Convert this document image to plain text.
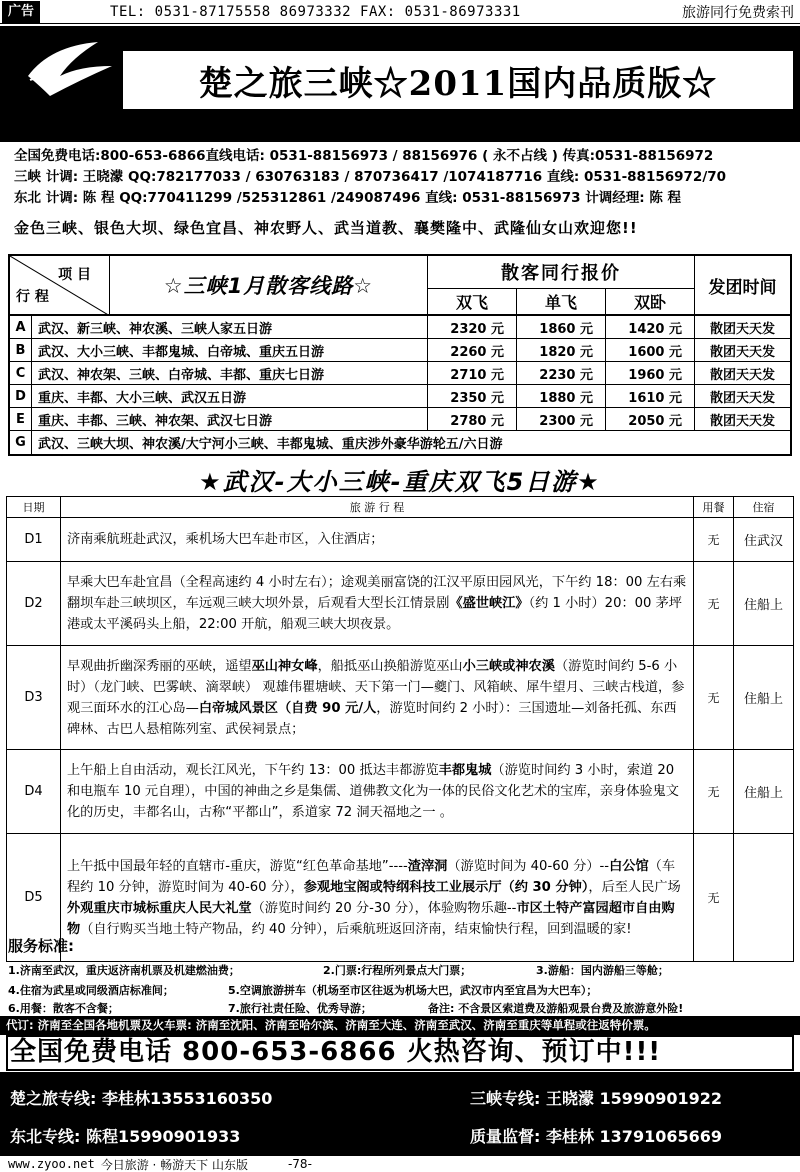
广告	TEL: 0531-87175558 86973332 FAX: 0531-86973331	旅游同行免费索刊
楚之旅三峡☆2011国内品质版☆
全国免费电话:800-653-6866直线电话: 0531-88156973 / 88156976 ( 永不占线 ) 传真:0531-88156972
三峡 计调: 王晓濛 QQ:782177033 / 630763183 / 870736417 /1074187716 直线: 0531-88156972/70
东北 计调: 陈 程 QQ:770411299 /525312861 /249087496 直线: 0531-88156973 计调经理: 陈 程
金色三峡、银色大坝、绿色宜昌、神农野人、武当道教、襄樊隆中、武隆仙女山欢迎您!!
项 目
行 程	☆三峡1月散客线路☆
散客同行报价
双飞	单飞	双卧
发团时间
A 武汉、新三峡、神农溪、三峡人家五日游	2320 元	1860 元	1420 元	散团天天发
B 武汉、大小三峡、丰都鬼城、白帝城、重庆五日游	2260 元	1820 元	1600 元	散团天天发
C 武汉、神农架、三峡、白帝城、丰都、重庆七日游	2710 元	2230 元	1960 元	散团天天发
D 重庆、丰都、大小三峡、武汉五日游	2350 元	1880 元	1610 元	散团天天发
E	重庆、丰都、三峡、神农架、武汉七日游	2780 元	2300 元	2050 元	散团天天发
G 武汉、三峡大坝、神农溪/大宁河小三峡、丰都鬼城、重庆涉外豪华游轮五/六日游
★武汉-大小三峡-重庆双飞5日游★
日期	旅 游 行 程	用餐	住宿
D1	济南乘航班赴武汉，乘机场大巴车赴市区，入住酒店；	无	住武汉
D2	早乘大巴车赴宜昌（全程高速约 4 小时左右）；途观美丽富饶的江汉平原田园风光，下午约 18：00 左右乘翻坝车赴三峡坝区，车远观三峡大坝外景，后观看大型长江情景剧《盛世峡江》（约 1 小时）20：00 茅坪港或太平溪码头上船，22:00 开航，船观三峡大坝夜景。	无	住船上
D3	早观曲折幽深秀丽的巫峡，遥望巫山神女峰，船抵巫山换船游览巫山小三峡或神农溪（游览时间约 5-6 小时）（龙门峡、巴雾峡、滴翠峡） 观雄伟瞿塘峡、天下第一门—夔门、风箱峡、犀牛望月、三峡古栈道，参观三面环水的江心岛—白帝城风景区（自费 90 元/人，游览时间约 2 小时）：三国遗址—刘备托孤、东西碑林、古巴人悬棺陈列室、武侯祠景点；	无	住船上
D4	上午船上自由活动，观长江风光，下午约 13：00 抵达丰都游览丰都鬼城（游览时间约 3 小时，索道 20 和电瓶车 10 元自理），中国的神曲之乡是集儒、道佛教文化为一体的民俗文化艺术的宝库，亲身体验鬼文化的历史，丰都名山，古称“平都山”，系道家 72 洞天福地之一 。	无	住船上
D5	上午抵中国最年轻的直辖市-重庆，游览“红色革命基地”----渣滓洞（游览时间为 40-60 分）--白公馆（车程约 10 分钟，游览时间为 40-60 分），参观地宝阁或特纲科技工业展示厅（约 30 分钟），后至人民广场外观重庆市城标重庆人民大礼堂（游览时间约 20 分-30 分），体验购物乐趣--市区土特产富园超市自由购物（自行购买当地土特产物品，约 40 分钟），后乘航班返回济南，结束愉快行程，回到温暖的家!	无	
服务标准:
1.济南至武汉，重庆返济南机票及机建燃油费；	2.门票:行程所列景点大门票；	3.游船：国内游船三等舱；
4.住宿为武星或同级酒店标准间；	5.空调旅游拼车（机场至市区往返为机场大巴，武汉市内至宜昌为大巴车）；
6.用餐：散客不含餐；	7.旅行社责任险、优秀导游；	备注: 不含景区索道费及游船观景台费及旅游意外险!
代订: 济南至全国各地机票及火车票: 济南至沈阳、济南至哈尔滨、济南至大连、济南至武汉、济南至重庆等单程或往返特价票。
全国免费电话 800-653-6866 火热咨询、预订中!!!
楚之旅专线: 李桂林13553160350	三峡专线: 王晓濛 15990901922
东北专线: 陈程15990901933	质量监督: 李桂林 13791065669
www.zyoo.net 今日旅游 · 畅游天下 山东版	-78-
